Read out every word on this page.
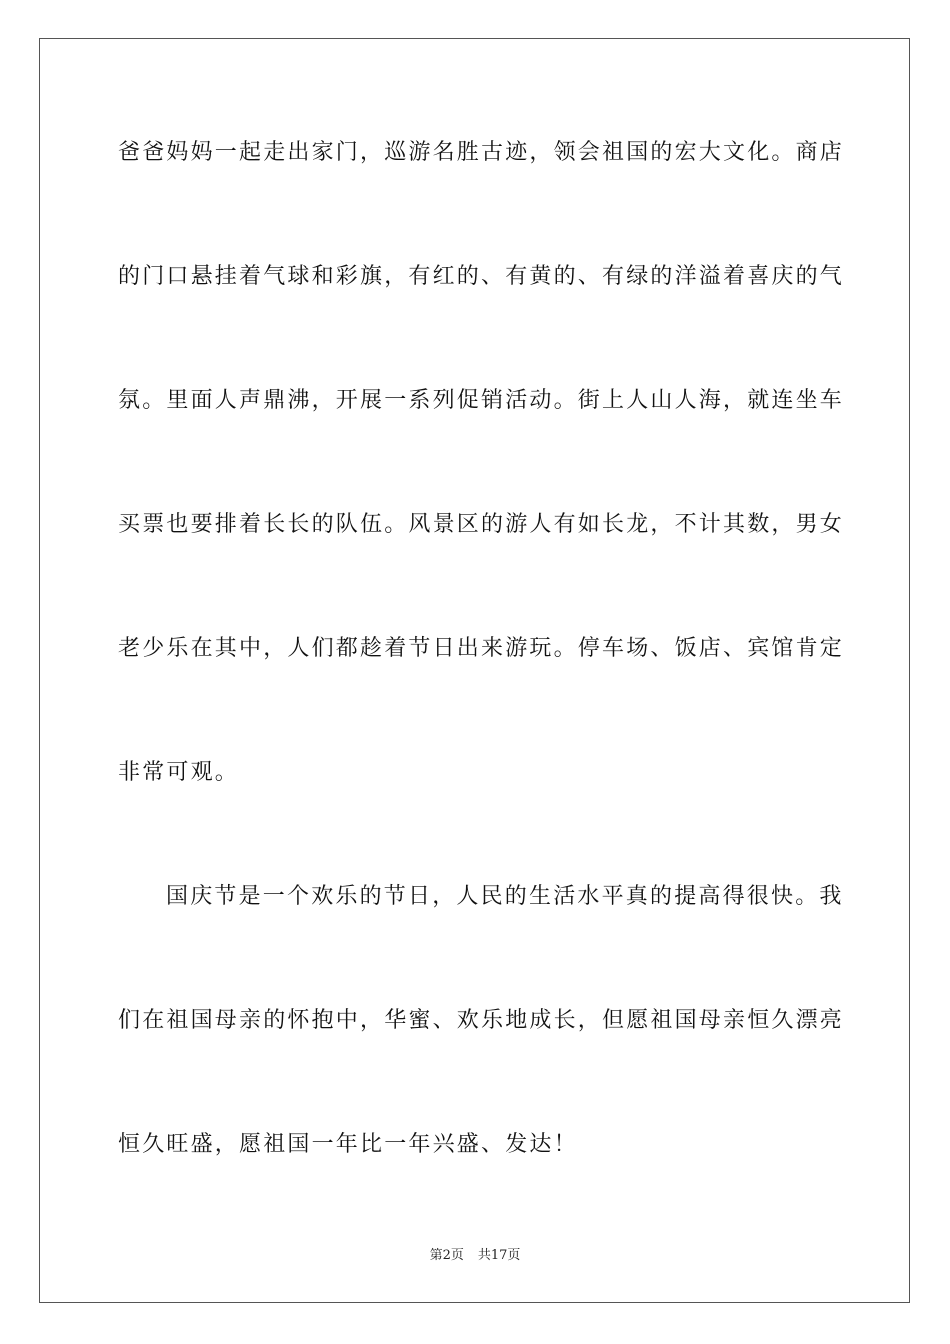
爸爸妈妈一起走出家门，巡游名胜古迹，领会祖国的宏大文化。商店
的门口悬挂着气球和彩旗，有红的、有黄的、有绿的洋溢着喜庆的气
氛。里面人声鼎沸，开展一系列促销活动。街上人山人海，就连坐车
买票也要排着长长的队伍。风景区的游人有如长龙，不计其数，男女
老少乐在其中，人们都趁着节日出来游玩。停车场、饭店、宾馆肯定
非常可观。
国庆节是一个欢乐的节日，人民的生活水平真的提高得很快。我
们在祖国母亲的怀抱中，华蜜、欢乐地成长，但愿祖国母亲恒久漂亮
恒久旺盛，愿祖国一年比一年兴盛、发达！
第2页 共17页
